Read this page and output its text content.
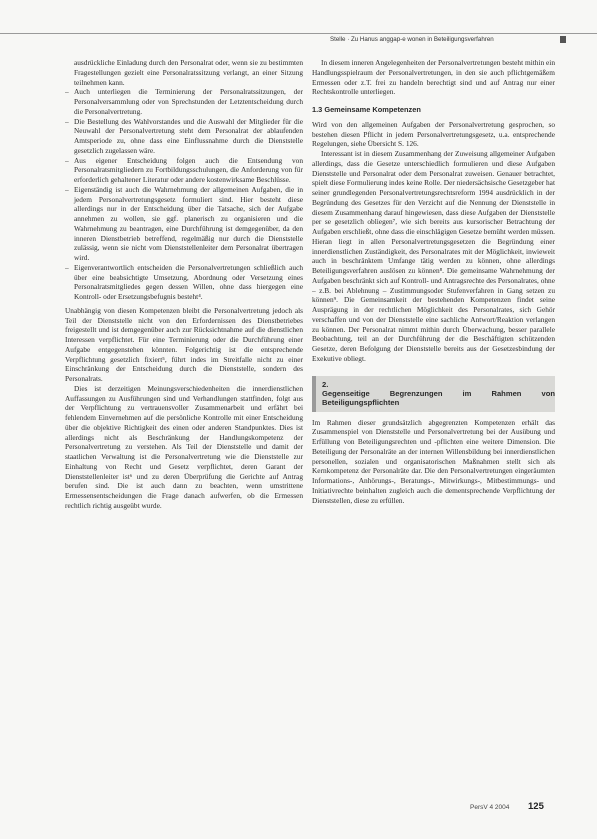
Stelle · Zu Hanus anggap-e wonen in Beteiligungsverfahren

ausdrückliche Einladung durch den Personalrat oder, wenn sie zu bestimmten Fragestellungen gezielt eine Personalratssitzung verlangt, an einer Sitzung teilnehmen kann.

– Auch unterliegen die Terminierung der Personalratssitzungen, der Personalversammlung oder von Sprechstunden der Letztentscheidung durch die Personalvertretung.
– Die Bestellung des Wahlvorstandes und die Auswahl der Mitglieder für die Neuwahl der Personalvertretung steht dem Personalrat der ablaufenden Amtsperiode zu, ohne dass eine Einflussnahme durch die Dienststelle gesetzlich zugelassen wäre.
– Aus eigener Entscheidung folgen auch die Entsendung von Personalratsmitgliedern zu Fortbildungsschulungen, die Anforderung von für erforderlich gehaltener Literatur oder andere kostenwirksame Beschlüsse.
– Eigenständig ist auch die Wahrnehmung der allgemeinen Aufgaben, die in jedem Personalvertretungsgesetz formuliert sind. Hier besteht diese allerdings nur in der Entscheidung über die Tatsache, sich der Aufgabe annehmen zu wollen, sie ggf. planerisch zu organisieren und die Wahrnehmung zu beantragen, eine Durchführung ist demgegenüber, da den inneren Dienstbetrieb betreffend, regelmäßig nur durch die Dienststelle zulässig, wenn sie nicht vom Dienststellenleiter dem Personalrat übertragen wird.
– Eigenverantwortlich entscheiden die Personalvertretungen schließlich auch über eine beabsichtigte Umsetzung, Abordnung oder Versetzung eines Personalratsmitgliedes gegen dessen Willen, ohne dass hiergegen eine Kontroll- oder Ersetzungsbefugnis besteht⁴.

Unabhängig von diesen Kompetenzen bleibt die Personalvertretung jedoch als Teil der Dienststelle nicht von den Erfordernissen des Dienstbetriebes freigestellt und ist demgegenüber auch zur Rücksichtnahme auf die dienstlichen Interessen verpflichtet. Für eine Terminierung oder die Durchführung einer Aufgabe entgegenstehen könnten. Folgerichtig ist die entsprechende Verpflichtung gesetzlich fixiert⁵, führt indes im Streitfalle nicht zu einer Einschränkung der Entscheidung durch die Dienststelle, sondern des Personalrats.

Dies ist derzeitigen Meinungsverschiedenheiten die innerdienstlichen Auffassungen zu Ausführungen sind und Verhandlungen stattfinden, folgt aus der Verpflichtung zu vertrauensvoller Zusammenarbeit und erfährt bei fehlendem Einvernehmen auf die persönliche Kontrolle mit einer Entscheidung über die objektive Richtigkeit des einen oder anderen Standpunktes. Dies ist allerdings nicht als Beschränkung der Handlungskompetenz der Personalvertretung zu verstehen. Als Teil der Dienststelle und damit der staatlichen Verwaltung ist die Personalvertretung wie die Dienststelle zur Einhaltung von Recht und Gesetz verpflichtet, deren Garant der Dienststellenleiter ist⁶ und zu deren Überprüfung die Gerichte auf Antrag berufen sind. Die ist auch dann zu beachten, wenn umstrittene Ermessensentscheidungen die Frage danach aufwerfen, ob die Ermessen rechtlich richtig ausgeübt wurde.

In diesem inneren Angelegenheiten der Personalvertretungen besteht mithin ein Handlungsspielraum der Personalvertretungen, in den sie auch pflichtgemäßem Ermessen oder z.T. frei zu handeln berechtigt sind und auf Antrag nur einer Rechtskontrolle unterliegen.

1.3 Gemeinsame Kompetenzen

Wird von den allgemeinen Aufgaben der Personalvertretung gesprochen, so bestehen diesen Pflicht in jedem Personalvertretungsgesetz, u.a. entsprechende Regelungen, siehe Übersicht S. 126.

Interessant ist in diesem Zusammenhang der Zuweisung allgemeiner Aufgaben allerdings, dass die Gesetze unterschiedlich formulieren und diese Aufgaben Dienststelle und Personalrat oder dem Personalrat zuweisen. Genauer betrachtet, spielt diese Formulierung indes keine Rolle. Der niedersächsische Gesetzgeber hat seiner grundlegenden Personalvertretungsrechtsreform 1994 ausdrücklich in der Begründung des Gesetzes für den Verzicht auf die Nennung der Dienststelle in diesem Zusammenhang darauf hingewiesen, dass diese Aufgaben der Dienststelle per se gesetzlich obliegen⁷, wie sich bereits aus kursorischer Betrachtung der Aufgaben erschließt, ohne dass die einschlägigen Gesetze bemüht werden müssen. Hieran liegt in allen Personalvertretungsgesetzen die Begründung einer innerdienstlichen Zuständigkeit, des Personalrates mit der Möglichkeit, inwieweit auch in beschränktem Umfange tätig werden zu können, ohne allerdings Beteiligungsverfahren auslösen zu können⁸. Die gemeinsame Wahrnehmung der Aufgaben beschränkt sich auf Kontroll- und Antragsrechte des Personalrates, ohne – z.B. bei Ablehnung – Zustimmungsoder Stufenverfahren in Gang setzen zu können⁹. Die Gemeinsamkeit der bestehenden Kompetenzen findet seine Ausprägung in der rechtlichen Möglichkeit des Personalrates, sich Gehör verschaffen und von der Dienststelle eine sachliche Antwort/Reaktion verlangen zu können. Der Personalrat nimmt mithin durch Überwachung, besser parallele Beobachtung, teil an der Durchführung der die Beschäftigten schützenden Gesetze, deren Befolgung der Dienststelle bereits aus der Gesetzesbindung der Exekutive obliegt.

2.
Gegenseitige Begrenzungen im Rahmen von Beteiligungspflichten

Im Rahmen dieser grundsätzlich abgegrenzten Kompetenzen erhält das Zusammenspiel von Dienststelle und Personalvertretung bei der Ausübung und Erfüllung von Beteiligungsrechten und -pflichten eine weitere Dimension. Die Beteiligung der Personalräte an der internen Willensbildung bei innerdienstlichen personellen, sozialen und organisatorischen Maßnahmen stellt sich als Kernkompetenz der Personalräte dar. Die den Personalvertretungen eingeräumten Informations-, Anhörungs-, Beratungs-, Mitwirkungs-, Mitbestimmungs- und Initiativrechte beinhalten zugleich auch die dementsprechende Verpflichtung der Dienststellen, diese zu erfüllen.

PersV 4 2004 125
